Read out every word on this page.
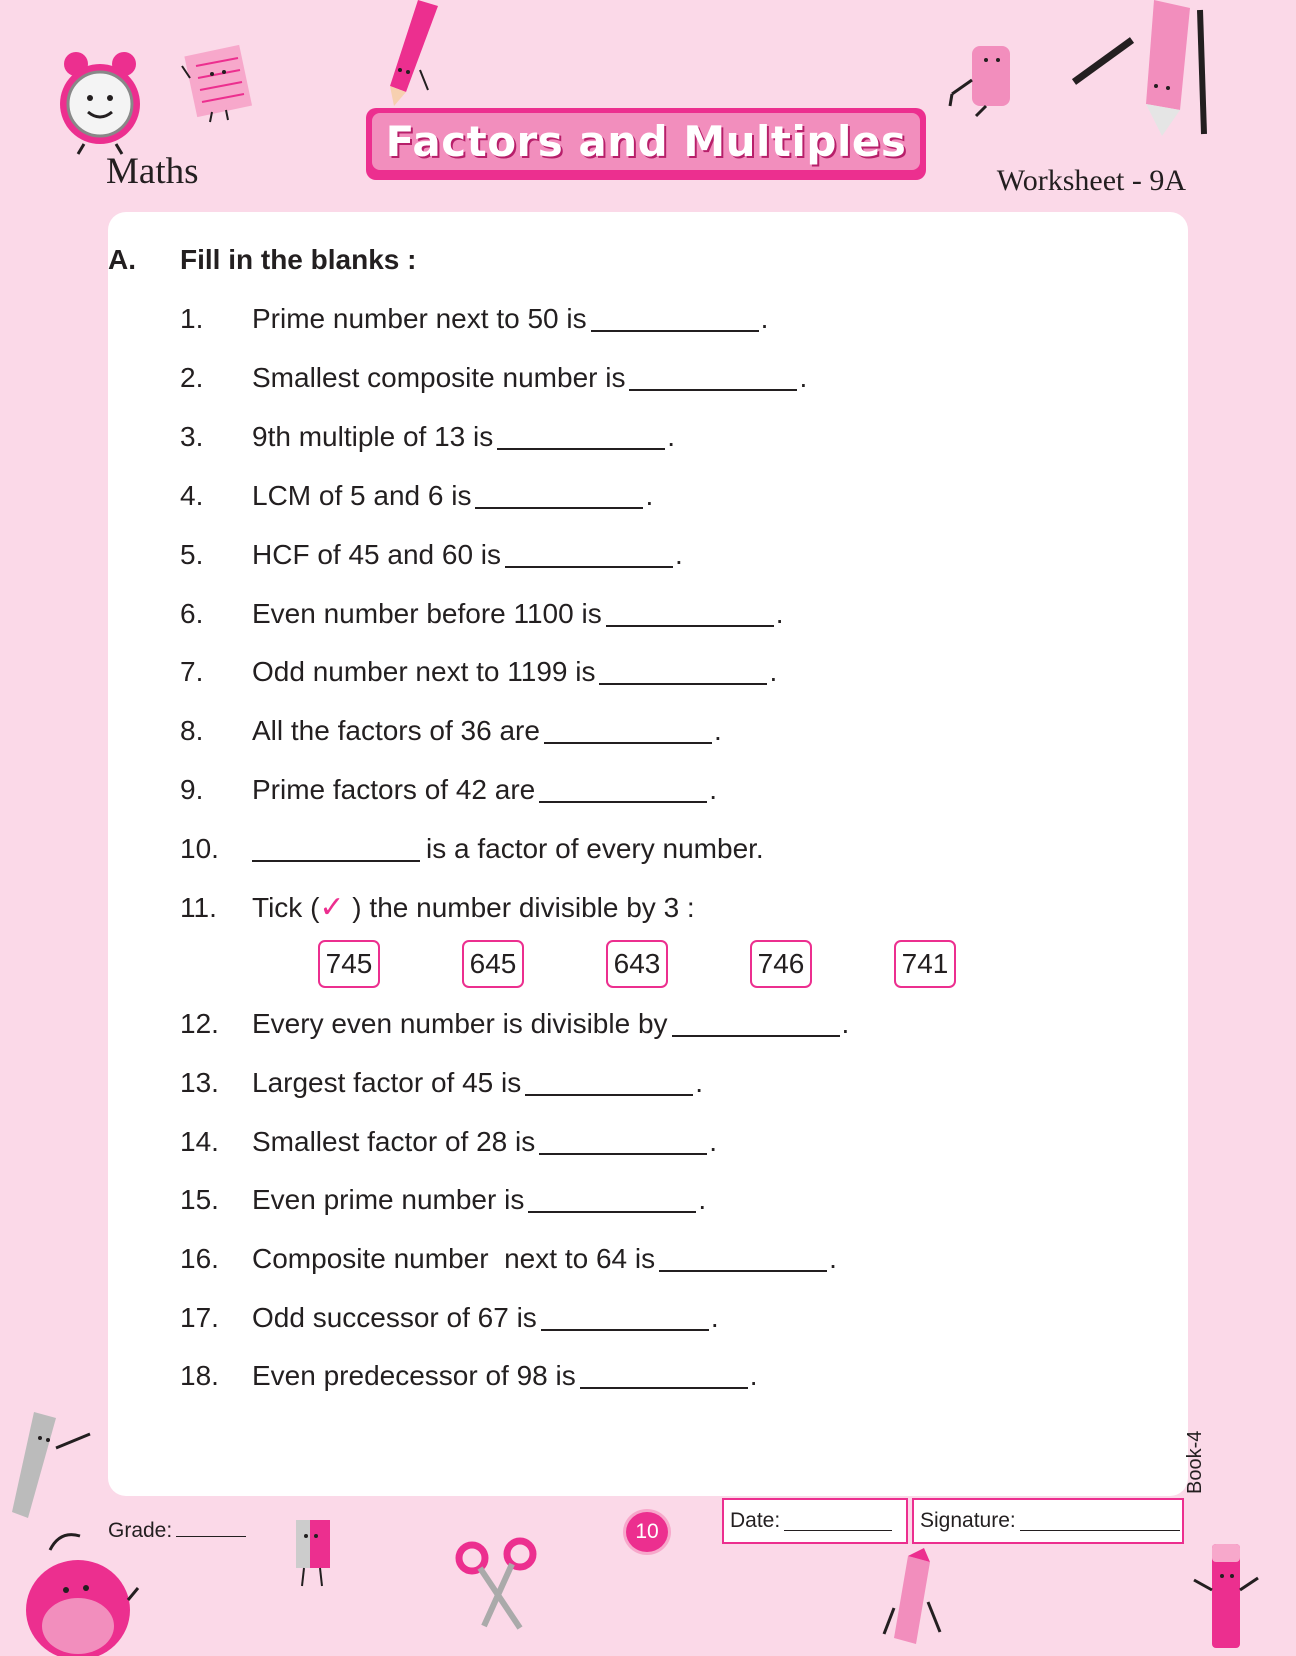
Maths
Factors and Multiples
Worksheet - 9A
A. Fill in the blanks :
1. Prime number next to 50 is	.
2. Smallest composite number is	.
3. 9th multiple of 13 is	.
4. LCM of 5 and 6 is	.
5. HCF of 45 and 60 is	.
6. Even number before 1100 is	.
7. Odd number next to 1199 is	.
8. All the factors of 36 are	.
9. Prime factors of 42 are	.
10.	is a factor of every number.
11. Tick (✓ ) the number divisible by 3 :
745	645	643	746	741
12. Every even number is divisible by	.
13. Largest factor of 45 is	.
14. Smallest factor of 28 is	.
15. Even prime number is	.
16. Composite number  next to 64 is	.
17. Odd successor of 67 is	.
18. Even predecessor of 98 is	.
Book-4
Grade:	10	Date:	Signature:
